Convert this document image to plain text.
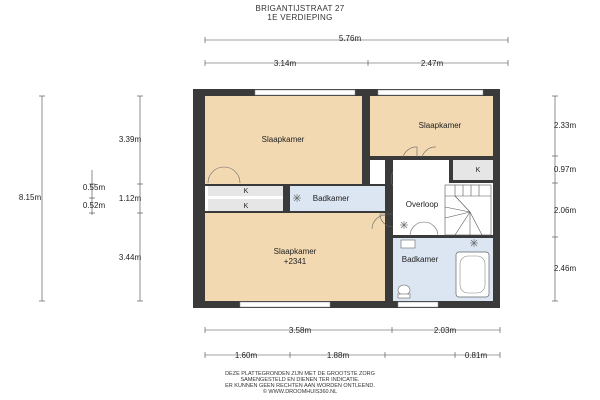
BRIGANTIJSTRAAT 27
1E VERDIEPING
Slaapkamer
Slaapkamer
Slaapkamer
+2341
Badkamer
Badkamer
Overloop
K
K
K
5.76m
3.14m	2.47m
3.58m	2.03m
1.60m	1.88m	0.81m
8.15m
3.39m
1.12m
3.44m
0.55m
0.52m
2.33m
0.97m
2.06m
2.46m
DEZE PLATTEGRONDEN ZIJN MET DE GROOTSTE ZORG
SAMENGESTELD EN DIENEN TER INDICATIE.
ER KUNNEN GEEN RECHTEN AAN WORDEN ONTLEEND.
© WWW.DROOMHUIS360.NL
